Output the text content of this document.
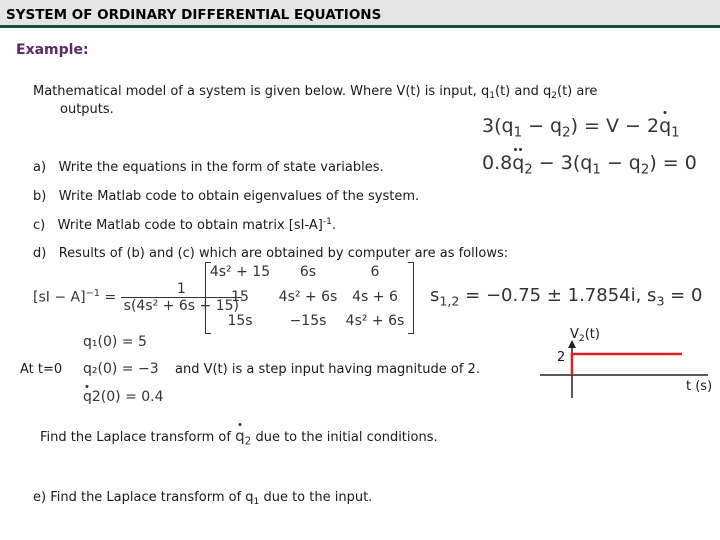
SYSTEM OF ORDINARY DIFFERENTIAL EQUATIONS
Example:
Mathematical model of a system is given below. Where V(t) is input, $q_1(t)$ and $q_2(t)$ are
outputs.
$3(q_1 - q_2) = V - 2q_1$
$0.8q_2 - 3(q_1 - q_2) = 0$
a) Write the equations in the form of state variables.
b) Write Matlab code to obtain eigenvalues of the system.
c) Write Matlab code to obtain matrix $[sI-A]^{-1}$.
d) Results of (b) and (c) which are obtained by computer are as follows:
$[sI - A]^{-1} = \frac{1}{\text{s(4s² + 6s + 15)}}$
4s² + 15	6s	6
15	4s² + 6s	4s + 6
15s	−15s	4s² + 6s
$s_{1,2} = -0.75 \pm 1.7854i$, $s_3 = 0$
At t=0
q₁(0) = 5
q₂(0) = −3
q2(0) = 0.4
and V(t) is a step input having magnitude of 2.
Find the Laplace transform of $q_2$ due to the initial conditions.
e) Find the Laplace transform of $q_1$ due to the input.
$V_2(t)$
2
t (s)
